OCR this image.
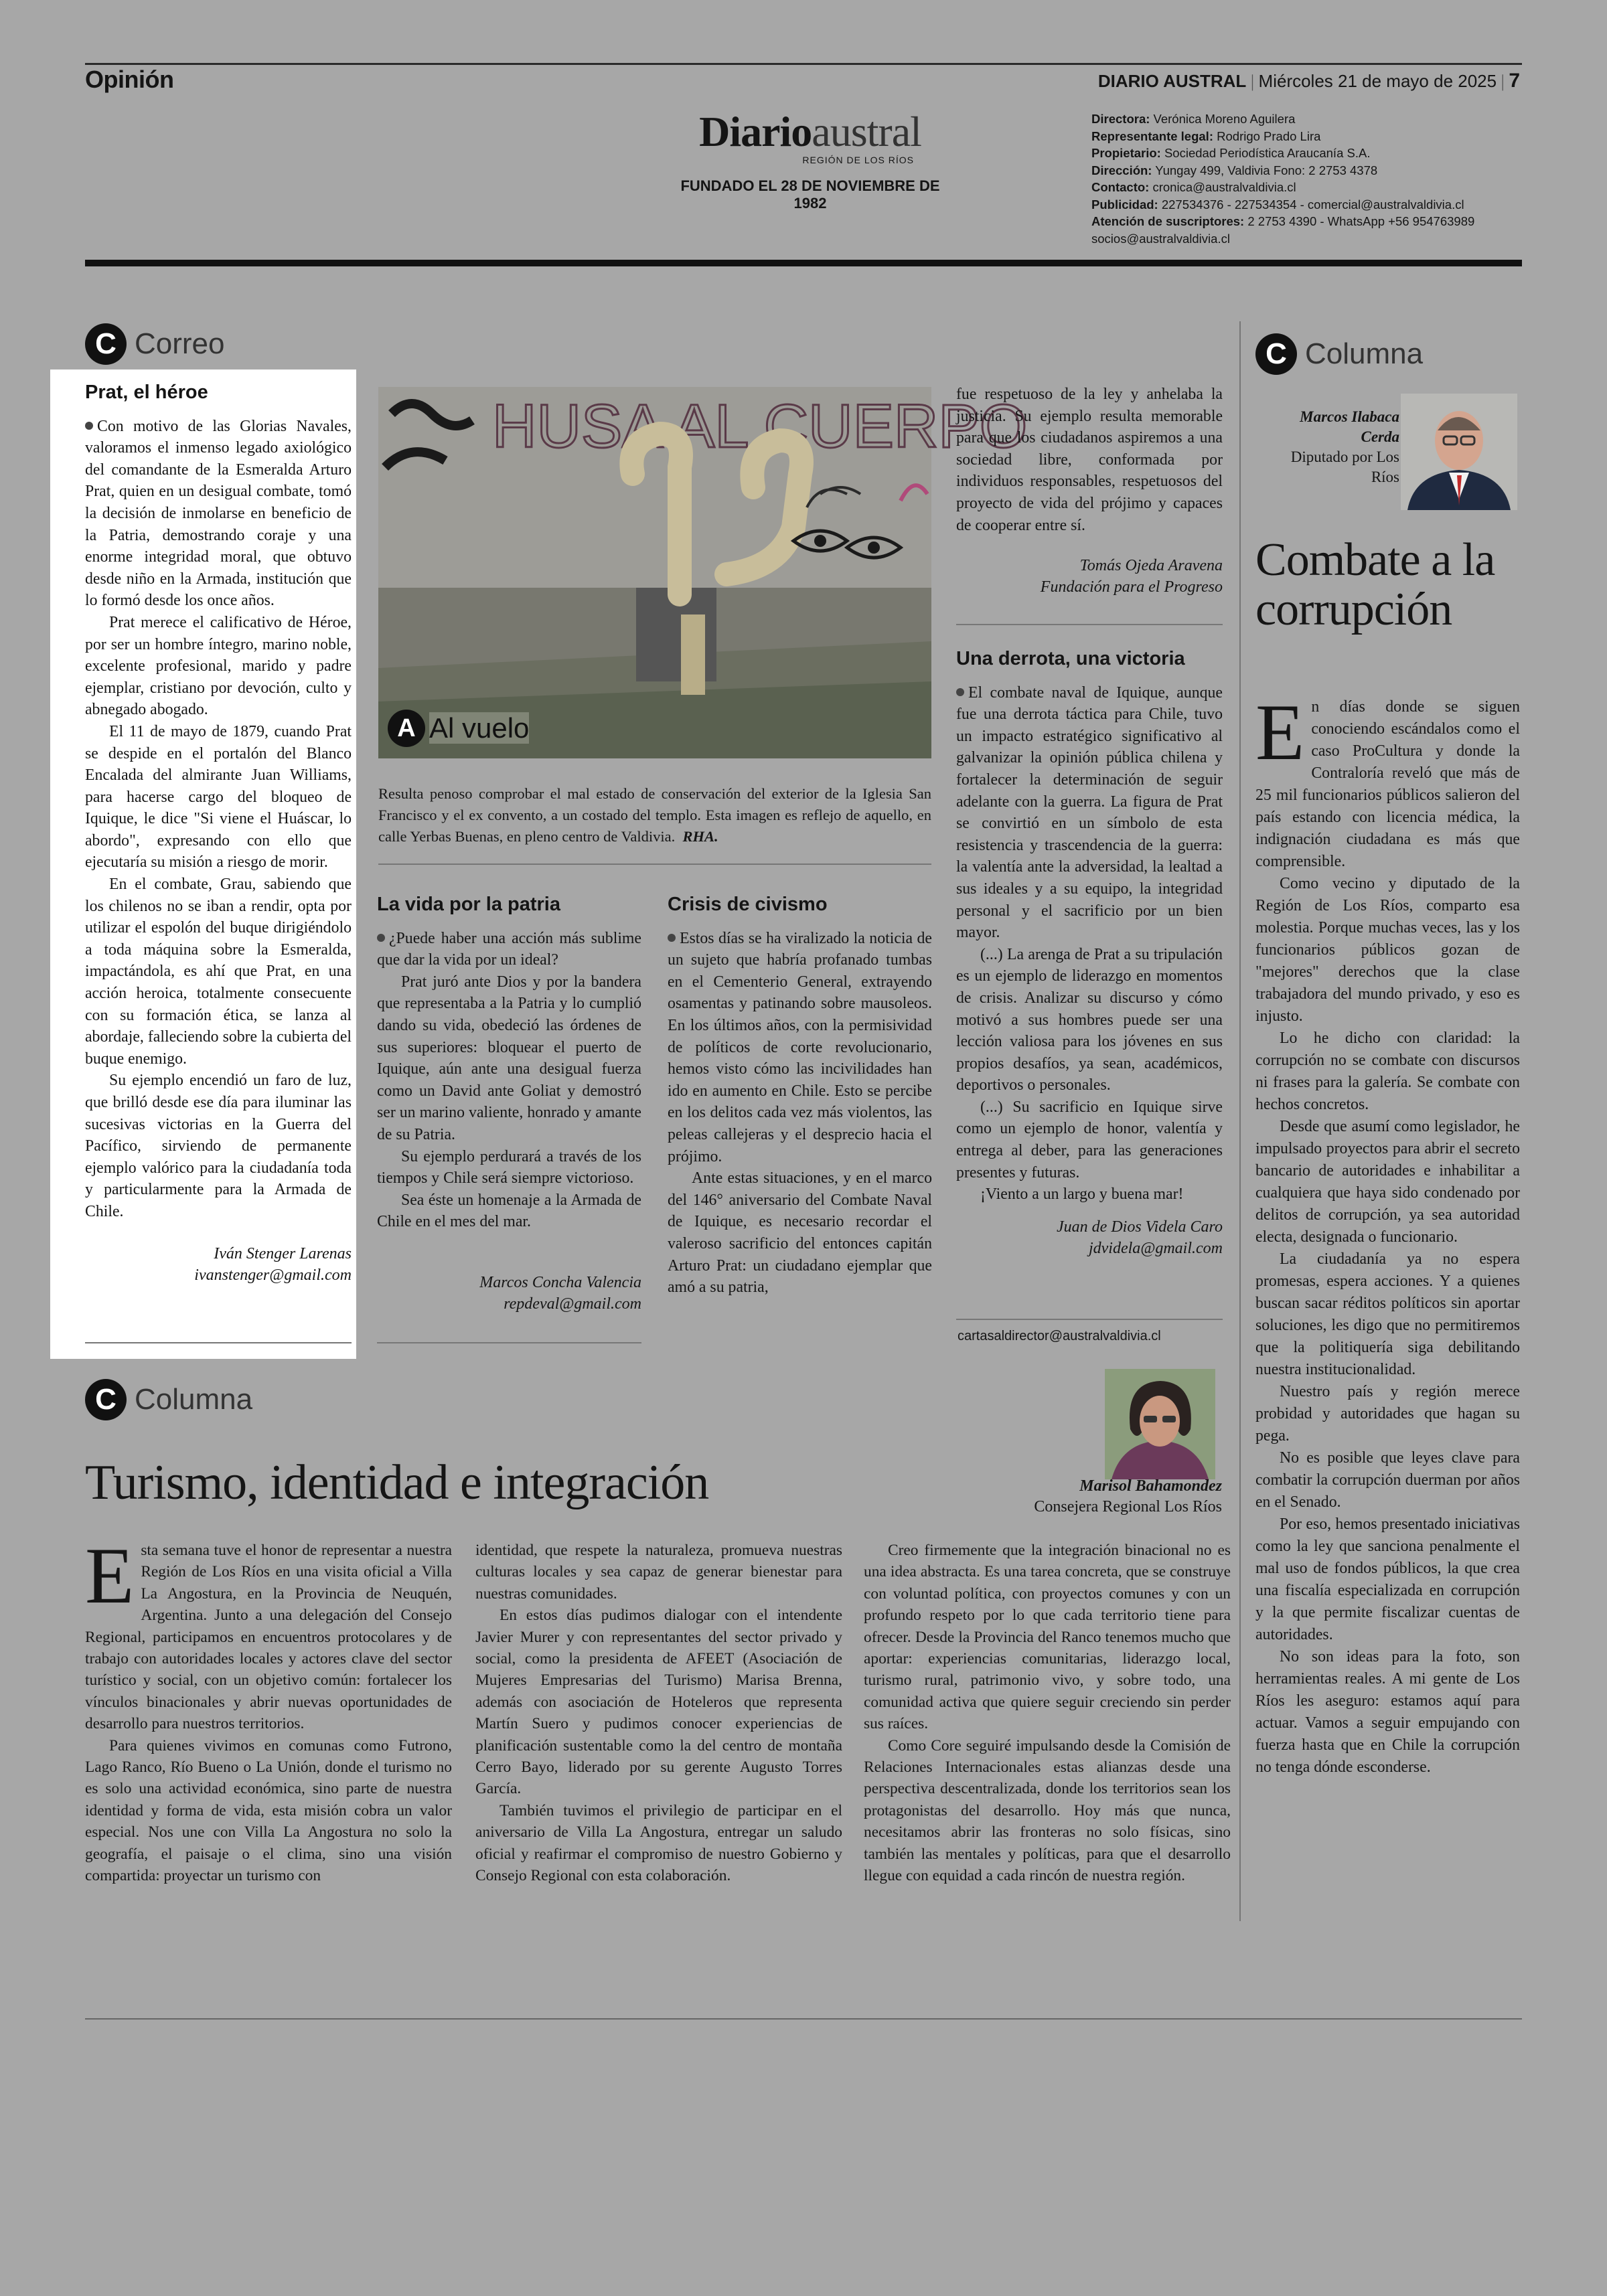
Opinión	DIARIO AUSTRAL | Miércoles 21 de mayo de 2025 | 7
Diarioaustral
REGIÓN DE LOS RÍOS
FUNDADO EL 28 DE NOVIEMBRE DE 1982
Directora: Verónica Moreno Aguilera
Representante legal: Rodrigo Prado Lira
Propietario: Sociedad Periodística Araucanía S.A.
Dirección: Yungay 499, Valdivia Fono: 2 2753 4378
Contacto: cronica@australvaldivia.cl
Publicidad: 227534376 - 227534354 - comercial@australvaldivia.cl
Atención de suscriptores: 2 2753 4390 - WhatsApp +56 954763989
socios@australvaldivia.cl
C Correo
Prat, el héroe

Con motivo de las Glorias Navales, valoramos el inmenso legado axiológico del comandante de la Esmeralda Arturo Prat, quien en un desigual combate, tomó la decisión de inmolarse en beneficio de la Patria, demostrando coraje y una enorme integridad moral, que obtuvo desde niño en la Armada, institución que lo formó desde los once años.

Prat merece el calificativo de Héroe, por ser un hombre íntegro, marino noble, excelente profesional, marido y padre ejemplar, cristiano por devoción, culto y abnegado abogado.

El 11 de mayo de 1879, cuando Prat se despide en el portalón del Blanco Encalada del almirante Juan Williams, para hacerse cargo del bloqueo de Iquique, le dice "Si viene el Huáscar, lo abordo", expresando con ello que ejecutaría su misión a riesgo de morir.

En el combate, Grau, sabiendo que los chilenos no se iban a rendir, opta por utilizar el espolón del buque dirigiéndolo a toda máquina sobre la Esmeralda, impactándola, es ahí que Prat, en una acción heroica, totalmente consecuente con su formación ética, se lanza al abordaje, falleciendo sobre la cubierta del buque enemigo.

Su ejemplo encendió un faro de luz, que brilló desde ese día para iluminar las sucesivas victorias en la Guerra del Pacífico, sirviendo de permanente ejemplo valórico para la ciudadanía toda y particularmente para la Armada de Chile.

Iván Stenger Larenas
ivanstenger@gmail.com
HUSA AL CUERPO
A Al vuelo
Resulta penoso comprobar el mal estado de conservación del exterior de la Iglesia San Francisco y el ex convento, a un costado del templo. Esta imagen es reflejo de aquello, en calle Yerbas Buenas, en pleno centro de Valdivia. RHA.
La vida por la patria

¿Puede haber una acción más sublime que dar la vida por un ideal?

Prat juró ante Dios y por la bandera que representaba a la Patria y lo cumplió dando su vida, obedeció las órdenes de sus superiores: bloquear el puerto de Iquique, aún ante una desigual fuerza como un David ante Goliat y demostró ser un marino valiente, honrado y amante de su Patria.

Su ejemplo perdurará a través de los tiempos y Chile será siempre victorioso.

Sea éste un homenaje a la Armada de Chile en el mes del mar.

Marcos Concha Valencia
repdeval@gmail.com
Crisis de civismo

Estos días se ha viralizado la noticia de un sujeto que habría profanado tumbas en el Cementerio General, extrayendo osamentas y patinando sobre mausoleos. En los últimos años, con la permisividad de políticos de corte revolucionario, hemos visto cómo las incivilidades han ido en aumento en Chile. Esto se percibe en los delitos cada vez más violentos, las peleas callejeras y el desprecio hacia el prójimo.

Ante estas situaciones, y en el marco del 146° aniversario del Combate Naval de Iquique, es necesario recordar el valeroso sacrificio del entonces capitán Arturo Prat: un ciudadano ejemplar que amó a su patria,

fue respetuoso de la ley y anhelaba la justicia. Su ejemplo resulta memorable para que los ciudadanos aspiremos a una sociedad libre, conformada por individuos responsables, respetuosos del proyecto de vida del prójimo y capaces de cooperar entre sí.

Tomás Ojeda Aravena
Fundación para el Progreso
Una derrota, una victoria

El combate naval de Iquique, aunque fue una derrota táctica para Chile, tuvo un impacto estratégico significativo al galvanizar la opinión pública chilena y fortalecer la determinación de seguir adelante con la guerra. La figura de Prat se convirtió en un símbolo de esta resistencia y trascendencia de la guerra: la valentía ante la adversidad, la lealtad a sus ideales y a su equipo, la integridad personal y el sacrificio por un bien mayor.

(...) La arenga de Prat a su tripulación es un ejemplo de liderazgo en momentos de crisis. Analizar su discurso y cómo motivó a sus hombres puede ser una lección valiosa para los jóvenes en sus propios desafíos, ya sean, académicos, deportivos o personales.

(...) Su sacrificio en Iquique sirve como un ejemplo de honor, valentía y entrega al deber, para las generaciones presentes y futuras.

¡Viento a un largo y buena mar!

Juan de Dios Videla Caro
jdvidela@gmail.com
cartasaldirector@australvaldivia.cl
C Columna
Marcos Ilabaca Cerda
Diputado por Los Ríos
Combate a la corrupción

En días donde se siguen conociendo escándalos como el caso ProCultura y donde la Contraloría reveló que más de 25 mil funcionarios públicos salieron del país estando con licencia médica, la indignación ciudadana es más que comprensible.

Como vecino y diputado de la Región de Los Ríos, comparto esa molestia. Porque muchas veces, las y los funcionarios públicos gozan de "mejores" derechos que la clase trabajadora del mundo privado, y eso es injusto.

Lo he dicho con claridad: la corrupción no se combate con discursos ni frases para la galería. Se combate con hechos concretos.

Desde que asumí como legislador, he impulsado proyectos para abrir el secreto bancario de autoridades e inhabilitar a cualquiera que haya sido condenado por delitos de corrupción, ya sea autoridad electa, designada o funcionario.

La ciudadanía ya no espera promesas, espera acciones. Y a quienes buscan sacar réditos políticos sin aportar soluciones, les digo que no permitiremos que la politiquería siga debilitando nuestra institucionalidad.

Nuestro país y región merece probidad y autoridades que hagan su pega.

No es posible que leyes clave para combatir la corrupción duerman por años en el Senado.

Por eso, hemos presentado iniciativas como la ley que sanciona penalmente el mal uso de fondos públicos, la que crea una fiscalía especializada en corrupción y la que permite fiscalizar cuentas de autoridades.

No son ideas para la foto, son herramientas reales. A mi gente de Los Ríos les aseguro: estamos aquí para actuar. Vamos a seguir empujando con fuerza hasta que en Chile la corrupción no tenga dónde esconderse.

C Columna
Turismo, identidad e integración	Marisol Bahamondez
Consejera Regional Los Ríos

Esta semana tuve el honor de representar a nuestra Región de Los Ríos en una visita oficial a Villa La Angostura, en la Provincia de Neuquén, Argentina. Junto a una delegación del Consejo Regional, participamos en encuentros protocolares y de trabajo con autoridades locales y actores clave del sector turístico y social, con un objetivo común: fortalecer los vínculos binacionales y abrir nuevas oportunidades de desarrollo para nuestros territorios.

Para quienes vivimos en comunas como Futrono, Lago Ranco, Río Bueno o La Unión, donde el turismo no es solo una actividad económica, sino parte de nuestra identidad y forma de vida, esta misión cobra un valor especial. Nos une con Villa La Angostura no solo la geografía, el paisaje o el clima, sino una visión compartida: proyectar un turismo con

identidad, que respete la naturaleza, promueva nuestras culturas locales y sea capaz de generar bienestar para nuestras comunidades.

En estos días pudimos dialogar con el intendente Javier Murer y con representantes del sector privado y social, como la presidenta de AFEET (Asociación de Mujeres Empresarias del Turismo) Marisa Brenna, además con asociación de Hoteleros que representa Martín Suero y pudimos conocer experiencias de planificación sustentable como la del centro de montaña Cerro Bayo, liderado por su gerente Augusto Torres García.

También tuvimos el privilegio de participar en el aniversario de Villa La Angostura, entregar un saludo oficial y reafirmar el compromiso de nuestro Gobierno y Consejo Regional con esta colaboración.

Creo firmemente que la integración binacional no es una idea abstracta. Es una tarea concreta, que se construye con voluntad política, con proyectos comunes y con un profundo respeto por lo que cada territorio tiene para ofrecer. Desde la Provincia del Ranco tenemos mucho que aportar: experiencias comunitarias, liderazgo local, turismo rural, patrimonio vivo, y sobre todo, una comunidad activa que quiere seguir creciendo sin perder sus raíces.

Como Core seguiré impulsando desde la Comisión de Relaciones Internacionales estas alianzas desde una perspectiva descentralizada, donde los territorios sean los protagonistas del desarrollo. Hoy más que nunca, necesitamos abrir las fronteras no solo físicas, sino también las mentales y políticas, para que el desarrollo llegue con equidad a cada rincón de nuestra región.
